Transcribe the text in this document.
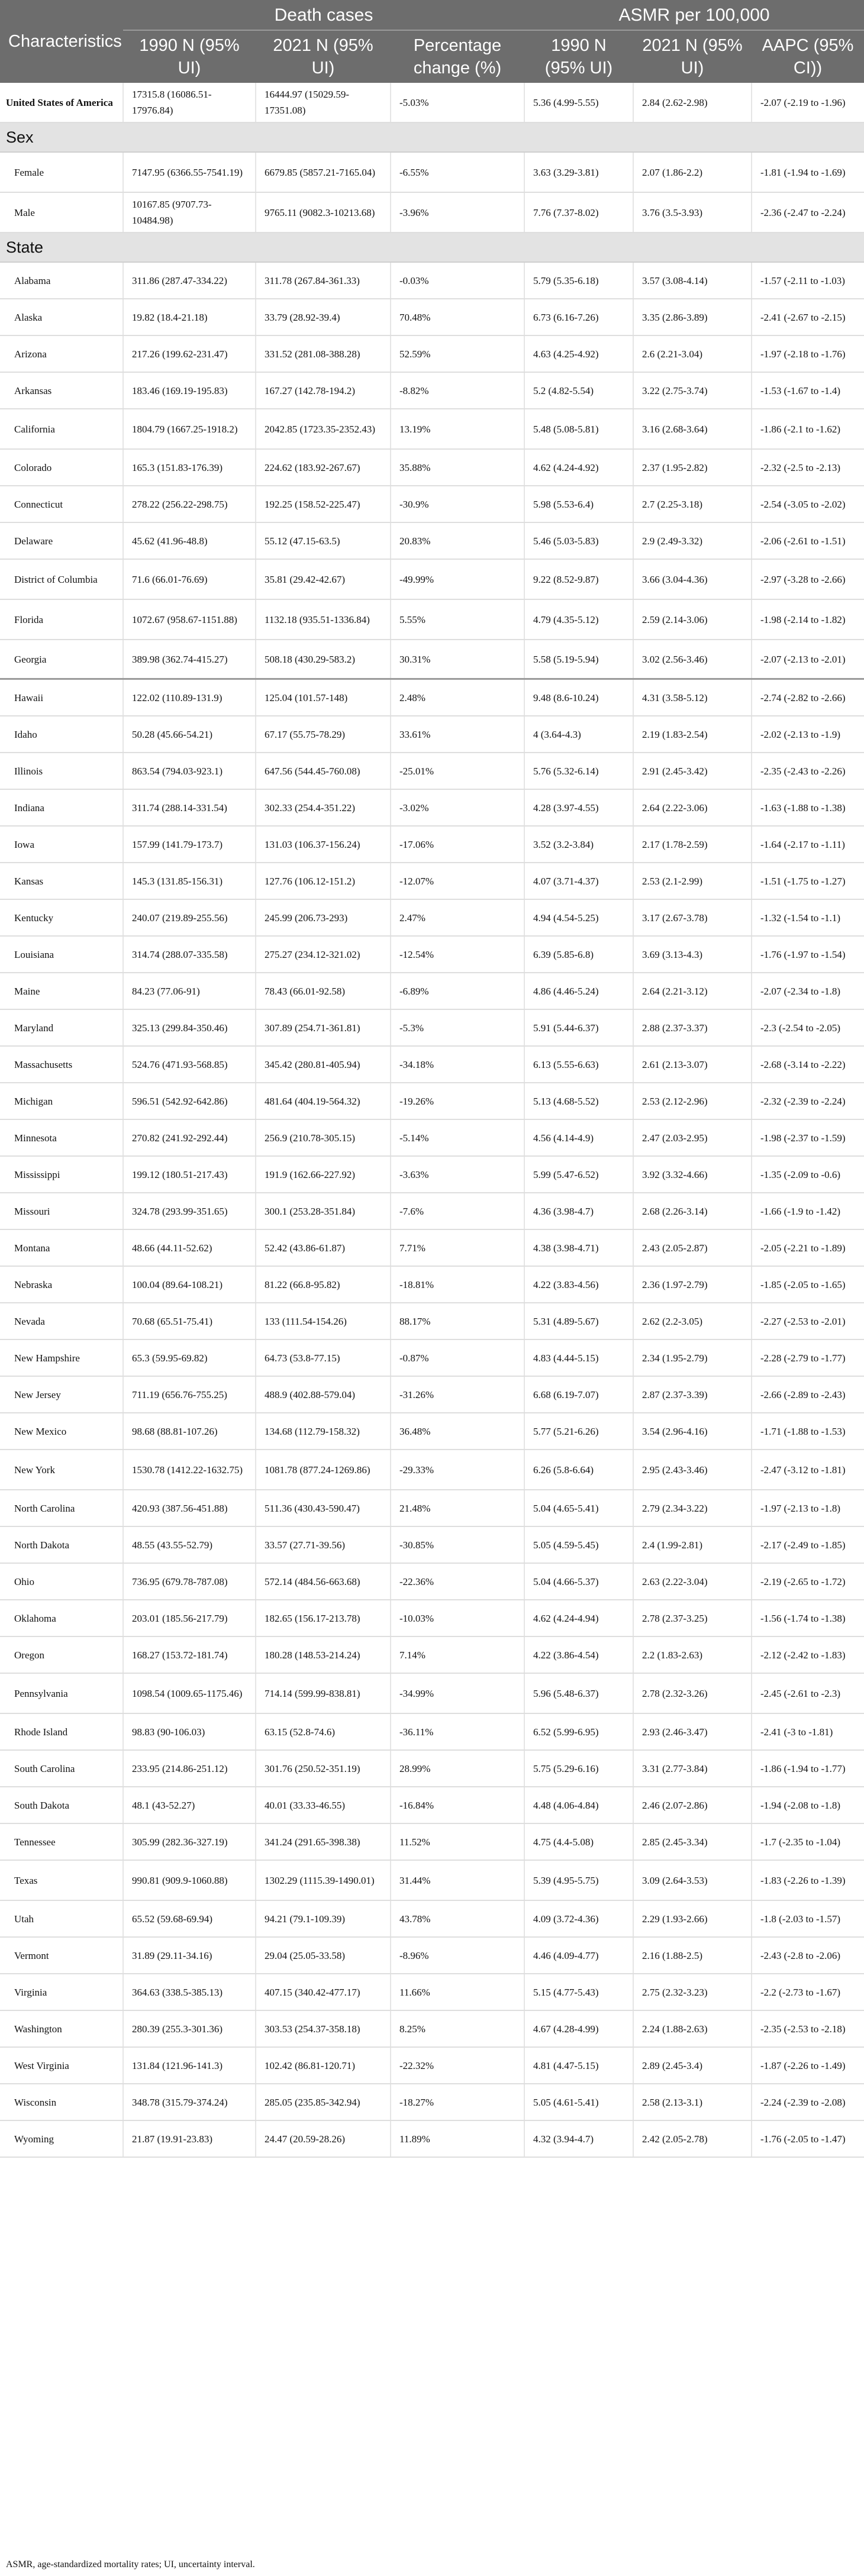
Characteristics	Death cases			ASMR per 100,000		
	1990 N (95% UI)	2021 N (95% UI)	Percentage change (%)	1990 N (95% UI)	2021 N (95% UI)	AAPC (95% CI))
United States of America	17315.8 (16086.51-17976.84)	16444.97 (15029.59-17351.08)	-5.03%	5.36 (4.99-5.55)	2.84 (2.62-2.98)	-2.07 (-2.19 to -1.96)
Sex						
Female	7147.95 (6366.55-7541.19)	6679.85 (5857.21-7165.04)	-6.55%	3.63 (3.29-3.81)	2.07 (1.86-2.2)	-1.81 (-1.94 to -1.69)
Male	10167.85 (9707.73-10484.98)	9765.11 (9082.3-10213.68)	-3.96%	7.76 (7.37-8.02)	3.76 (3.5-3.93)	-2.36 (-2.47 to -2.24)
State						
Alabama	311.86 (287.47-334.22)	311.78 (267.84-361.33)	-0.03%	5.79 (5.35-6.18)	3.57 (3.08-4.14)	-1.57 (-2.11 to -1.03)
Alaska	19.82 (18.4-21.18)	33.79 (28.92-39.4)	70.48%	6.73 (6.16-7.26)	3.35 (2.86-3.89)	-2.41 (-2.67 to -2.15)
Arizona	217.26 (199.62-231.47)	331.52 (281.08-388.28)	52.59%	4.63 (4.25-4.92)	2.6 (2.21-3.04)	-1.97 (-2.18 to -1.76)
Arkansas	183.46 (169.19-195.83)	167.27 (142.78-194.2)	-8.82%	5.2 (4.82-5.54)	3.22 (2.75-3.74)	-1.53 (-1.67 to -1.4)
California	1804.79 (1667.25-1918.2)	2042.85 (1723.35-2352.43)	13.19%	5.48 (5.08-5.81)	3.16 (2.68-3.64)	-1.86 (-2.1 to -1.62)
Colorado	165.3 (151.83-176.39)	224.62 (183.92-267.67)	35.88%	4.62 (4.24-4.92)	2.37 (1.95-2.82)	-2.32 (-2.5 to -2.13)
Connecticut	278.22 (256.22-298.75)	192.25 (158.52-225.47)	-30.9%	5.98 (5.53-6.4)	2.7 (2.25-3.18)	-2.54 (-3.05 to -2.02)
Delaware	45.62 (41.96-48.8)	55.12 (47.15-63.5)	20.83%	5.46 (5.03-5.83)	2.9 (2.49-3.32)	-2.06 (-2.61 to -1.51)
District of Columbia	71.6 (66.01-76.69)	35.81 (29.42-42.67)	-49.99%	9.22 (8.52-9.87)	3.66 (3.04-4.36)	-2.97 (-3.28 to -2.66)
Florida	1072.67 (958.67-1151.88)	1132.18 (935.51-1336.84)	5.55%	4.79 (4.35-5.12)	2.59 (2.14-3.06)	-1.98 (-2.14 to -1.82)
Georgia	389.98 (362.74-415.27)	508.18 (430.29-583.2)	30.31%	5.58 (5.19-5.94)	3.02 (2.56-3.46)	-2.07 (-2.13 to -2.01)
Hawaii	122.02 (110.89-131.9)	125.04 (101.57-148)	2.48%	9.48 (8.6-10.24)	4.31 (3.58-5.12)	-2.74 (-2.82 to -2.66)
Idaho	50.28 (45.66-54.21)	67.17 (55.75-78.29)	33.61%	4 (3.64-4.3)	2.19 (1.83-2.54)	-2.02 (-2.13 to -1.9)
Illinois	863.54 (794.03-923.1)	647.56 (544.45-760.08)	-25.01%	5.76 (5.32-6.14)	2.91 (2.45-3.42)	-2.35 (-2.43 to -2.26)
Indiana	311.74 (288.14-331.54)	302.33 (254.4-351.22)	-3.02%	4.28 (3.97-4.55)	2.64 (2.22-3.06)	-1.63 (-1.88 to -1.38)
Iowa	157.99 (141.79-173.7)	131.03 (106.37-156.24)	-17.06%	3.52 (3.2-3.84)	2.17 (1.78-2.59)	-1.64 (-2.17 to -1.11)
Kansas	145.3 (131.85-156.31)	127.76 (106.12-151.2)	-12.07%	4.07 (3.71-4.37)	2.53 (2.1-2.99)	-1.51 (-1.75 to -1.27)
Kentucky	240.07 (219.89-255.56)	245.99 (206.73-293)	2.47%	4.94 (4.54-5.25)	3.17 (2.67-3.78)	-1.32 (-1.54 to -1.1)
Louisiana	314.74 (288.07-335.58)	275.27 (234.12-321.02)	-12.54%	6.39 (5.85-6.8)	3.69 (3.13-4.3)	-1.76 (-1.97 to -1.54)
Maine	84.23 (77.06-91)	78.43 (66.01-92.58)	-6.89%	4.86 (4.46-5.24)	2.64 (2.21-3.12)	-2.07 (-2.34 to -1.8)
Maryland	325.13 (299.84-350.46)	307.89 (254.71-361.81)	-5.3%	5.91 (5.44-6.37)	2.88 (2.37-3.37)	-2.3 (-2.54 to -2.05)
Massachusetts	524.76 (471.93-568.85)	345.42 (280.81-405.94)	-34.18%	6.13 (5.55-6.63)	2.61 (2.13-3.07)	-2.68 (-3.14 to -2.22)
Michigan	596.51 (542.92-642.86)	481.64 (404.19-564.32)	-19.26%	5.13 (4.68-5.52)	2.53 (2.12-2.96)	-2.32 (-2.39 to -2.24)
Minnesota	270.82 (241.92-292.44)	256.9 (210.78-305.15)	-5.14%	4.56 (4.14-4.9)	2.47 (2.03-2.95)	-1.98 (-2.37 to -1.59)
Mississippi	199.12 (180.51-217.43)	191.9 (162.66-227.92)	-3.63%	5.99 (5.47-6.52)	3.92 (3.32-4.66)	-1.35 (-2.09 to -0.6)
Missouri	324.78 (293.99-351.65)	300.1 (253.28-351.84)	-7.6%	4.36 (3.98-4.7)	2.68 (2.26-3.14)	-1.66 (-1.9 to -1.42)
Montana	48.66 (44.11-52.62)	52.42 (43.86-61.87)	7.71%	4.38 (3.98-4.71)	2.43 (2.05-2.87)	-2.05 (-2.21 to -1.89)
Nebraska	100.04 (89.64-108.21)	81.22 (66.8-95.82)	-18.81%	4.22 (3.83-4.56)	2.36 (1.97-2.79)	-1.85 (-2.05 to -1.65)
Nevada	70.68 (65.51-75.41)	133 (111.54-154.26)	88.17%	5.31 (4.89-5.67)	2.62 (2.2-3.05)	-2.27 (-2.53 to -2.01)
New Hampshire	65.3 (59.95-69.82)	64.73 (53.8-77.15)	-0.87%	4.83 (4.44-5.15)	2.34 (1.95-2.79)	-2.28 (-2.79 to -1.77)
New Jersey	711.19 (656.76-755.25)	488.9 (402.88-579.04)	-31.26%	6.68 (6.19-7.07)	2.87 (2.37-3.39)	-2.66 (-2.89 to -2.43)
New Mexico	98.68 (88.81-107.26)	134.68 (112.79-158.32)	36.48%	5.77 (5.21-6.26)	3.54 (2.96-4.16)	-1.71 (-1.88 to -1.53)
New York	1530.78 (1412.22-1632.75)	1081.78 (877.24-1269.86)	-29.33%	6.26 (5.8-6.64)	2.95 (2.43-3.46)	-2.47 (-3.12 to -1.81)
North Carolina	420.93 (387.56-451.88)	511.36 (430.43-590.47)	21.48%	5.04 (4.65-5.41)	2.79 (2.34-3.22)	-1.97 (-2.13 to -1.8)
North Dakota	48.55 (43.55-52.79)	33.57 (27.71-39.56)	-30.85%	5.05 (4.59-5.45)	2.4 (1.99-2.81)	-2.17 (-2.49 to -1.85)
Ohio	736.95 (679.78-787.08)	572.14 (484.56-663.68)	-22.36%	5.04 (4.66-5.37)	2.63 (2.22-3.04)	-2.19 (-2.65 to -1.72)
Oklahoma	203.01 (185.56-217.79)	182.65 (156.17-213.78)	-10.03%	4.62 (4.24-4.94)	2.78 (2.37-3.25)	-1.56 (-1.74 to -1.38)
Oregon	168.27 (153.72-181.74)	180.28 (148.53-214.24)	7.14%	4.22 (3.86-4.54)	2.2 (1.83-2.63)	-2.12 (-2.42 to -1.83)
Pennsylvania	1098.54 (1009.65-1175.46)	714.14 (599.99-838.81)	-34.99%	5.96 (5.48-6.37)	2.78 (2.32-3.26)	-2.45 (-2.61 to -2.3)
Rhode Island	98.83 (90-106.03)	63.15 (52.8-74.6)	-36.11%	6.52 (5.99-6.95)	2.93 (2.46-3.47)	-2.41 (-3 to -1.81)
South Carolina	233.95 (214.86-251.12)	301.76 (250.52-351.19)	28.99%	5.75 (5.29-6.16)	3.31 (2.77-3.84)	-1.86 (-1.94 to -1.77)
South Dakota	48.1 (43-52.27)	40.01 (33.33-46.55)	-16.84%	4.48 (4.06-4.84)	2.46 (2.07-2.86)	-1.94 (-2.08 to -1.8)
Tennessee	305.99 (282.36-327.19)	341.24 (291.65-398.38)	11.52%	4.75 (4.4-5.08)	2.85 (2.45-3.34)	-1.7 (-2.35 to -1.04)
Texas	990.81 (909.9-1060.88)	1302.29 (1115.39-1490.01)	31.44%	5.39 (4.95-5.75)	3.09 (2.64-3.53)	-1.83 (-2.26 to -1.39)
Utah	65.52 (59.68-69.94)	94.21 (79.1-109.39)	43.78%	4.09 (3.72-4.36)	2.29 (1.93-2.66)	-1.8 (-2.03 to -1.57)
Vermont	31.89 (29.11-34.16)	29.04 (25.05-33.58)	-8.96%	4.46 (4.09-4.77)	2.16 (1.88-2.5)	-2.43 (-2.8 to -2.06)
Virginia	364.63 (338.5-385.13)	407.15 (340.42-477.17)	11.66%	5.15 (4.77-5.43)	2.75 (2.32-3.23)	-2.2 (-2.73 to -1.67)
Washington	280.39 (255.3-301.36)	303.53 (254.37-358.18)	8.25%	4.67 (4.28-4.99)	2.24 (1.88-2.63)	-2.35 (-2.53 to -2.18)
West Virginia	131.84 (121.96-141.3)	102.42 (86.81-120.71)	-22.32%	4.81 (4.47-5.15)	2.89 (2.45-3.4)	-1.87 (-2.26 to -1.49)
Wisconsin	348.78 (315.79-374.24)	285.05 (235.85-342.94)	-18.27%	5.05 (4.61-5.41)	2.58 (2.13-3.1)	-2.24 (-2.39 to -2.08)
Wyoming	21.87 (19.91-23.83)	24.47 (20.59-28.26)	11.89%	4.32 (3.94-4.7)	2.42 (2.05-2.78)	-1.76 (-2.05 to -1.47)
ASMR, age-standardized mortality rates; UI, uncertainty interval.
